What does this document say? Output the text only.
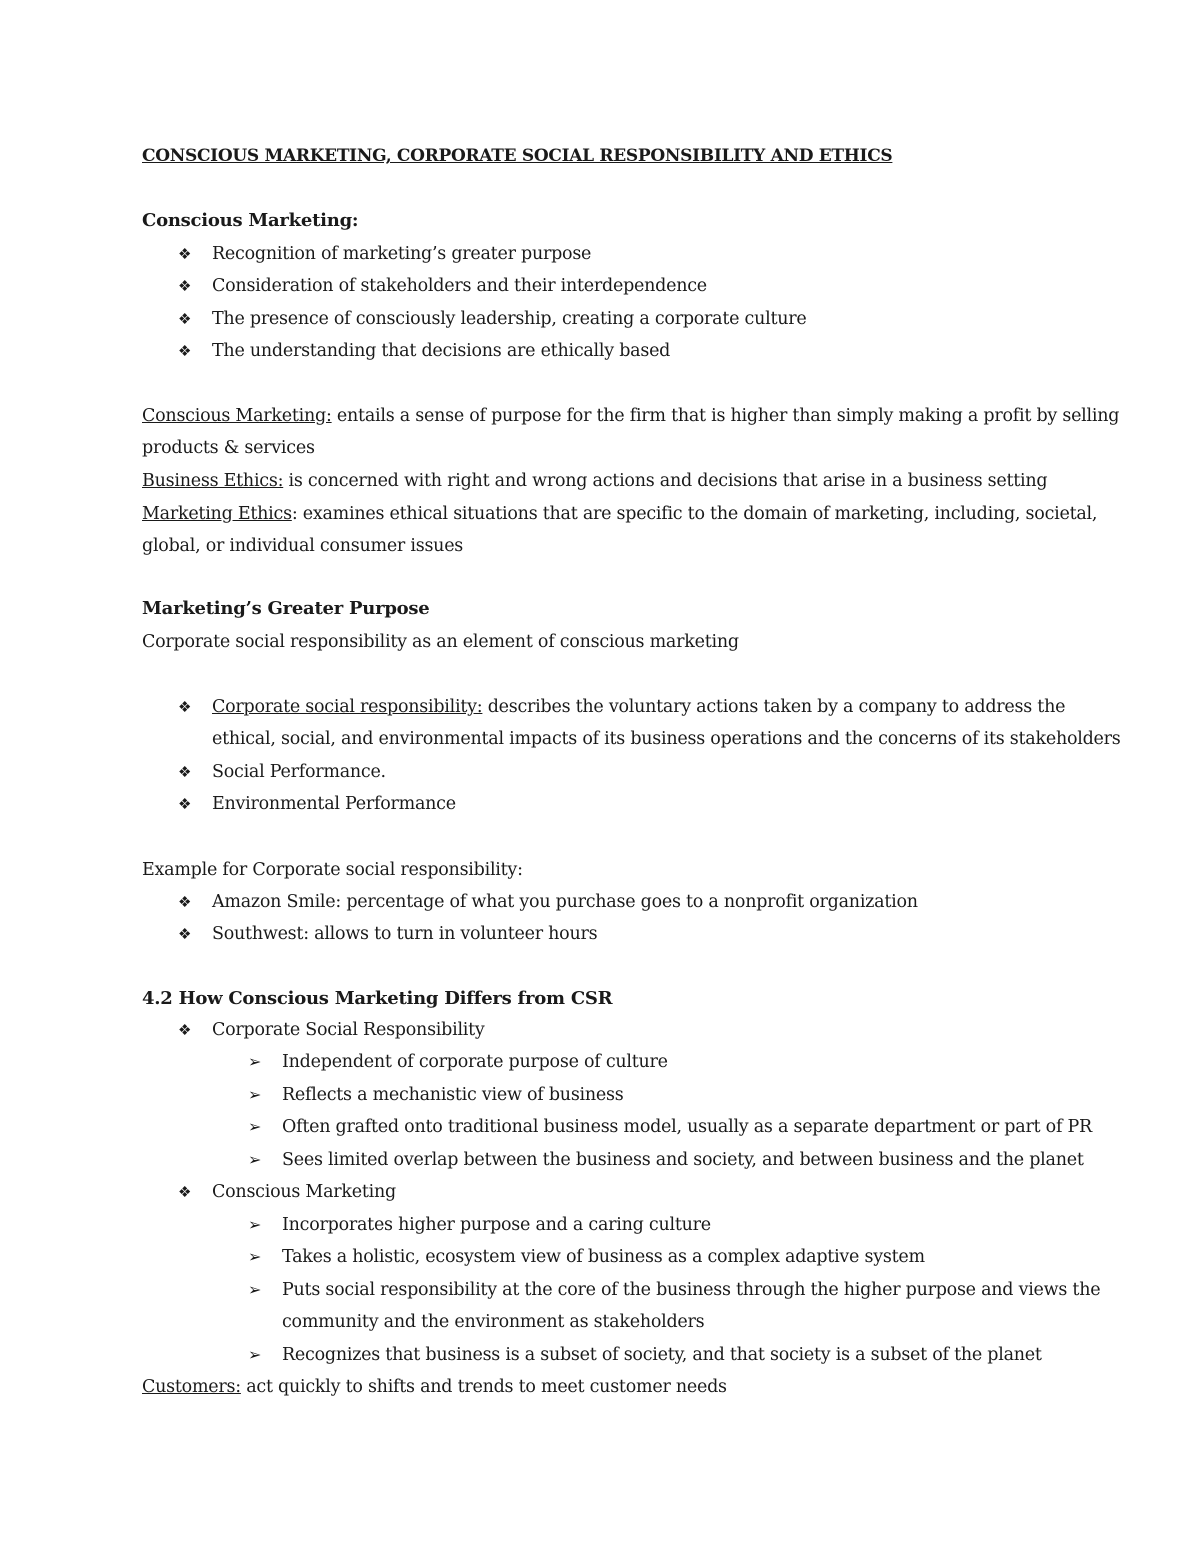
CONSCIOUS MARKETING, CORPORATE SOCIAL RESPONSIBILITY AND ETHICS
Conscious Marketing:
❖	Recognition of marketing’s greater purpose
❖	Consideration of stakeholders and their interdependence
❖	The presence of consciously leadership, creating a corporate culture
❖	The understanding that decisions are ethically based
Conscious Marketing: entails a sense of purpose for the firm that is higher than simply making a profit by selling
products & services
Business Ethics: is concerned with right and wrong actions and decisions that arise in a business setting
Marketing Ethics: examines ethical situations that are specific to the domain of marketing, including, societal,
global, or individual consumer issues
Marketing’s Greater Purpose
Corporate social responsibility as an element of conscious marketing
❖	Corporate social responsibility: describes the voluntary actions taken by a company to address the
ethical, social, and environmental impacts of its business operations and the concerns of its stakeholders
❖	Social Performance.
❖	Environmental Performance
Example for Corporate social responsibility:
❖	Amazon Smile: percentage of what you purchase goes to a nonprofit organization
❖	Southwest: allows to turn in volunteer hours
4.2 How Conscious Marketing Differs from CSR
❖	Corporate Social Responsibility
➢	Independent of corporate purpose of culture
➢	Reflects a mechanistic view of business
➢	Often grafted onto traditional business model, usually as a separate department or part of PR
➢	Sees limited overlap between the business and society, and between business and the planet
❖	Conscious Marketing
➢	Incorporates higher purpose and a caring culture
➢	Takes a holistic, ecosystem view of business as a complex adaptive system
➢	Puts social responsibility at the core of the business through the higher purpose and views the
community and the environment as stakeholders
➢	Recognizes that business is a subset of society, and that society is a subset of the planet
Customers: act quickly to shifts and trends to meet customer needs
